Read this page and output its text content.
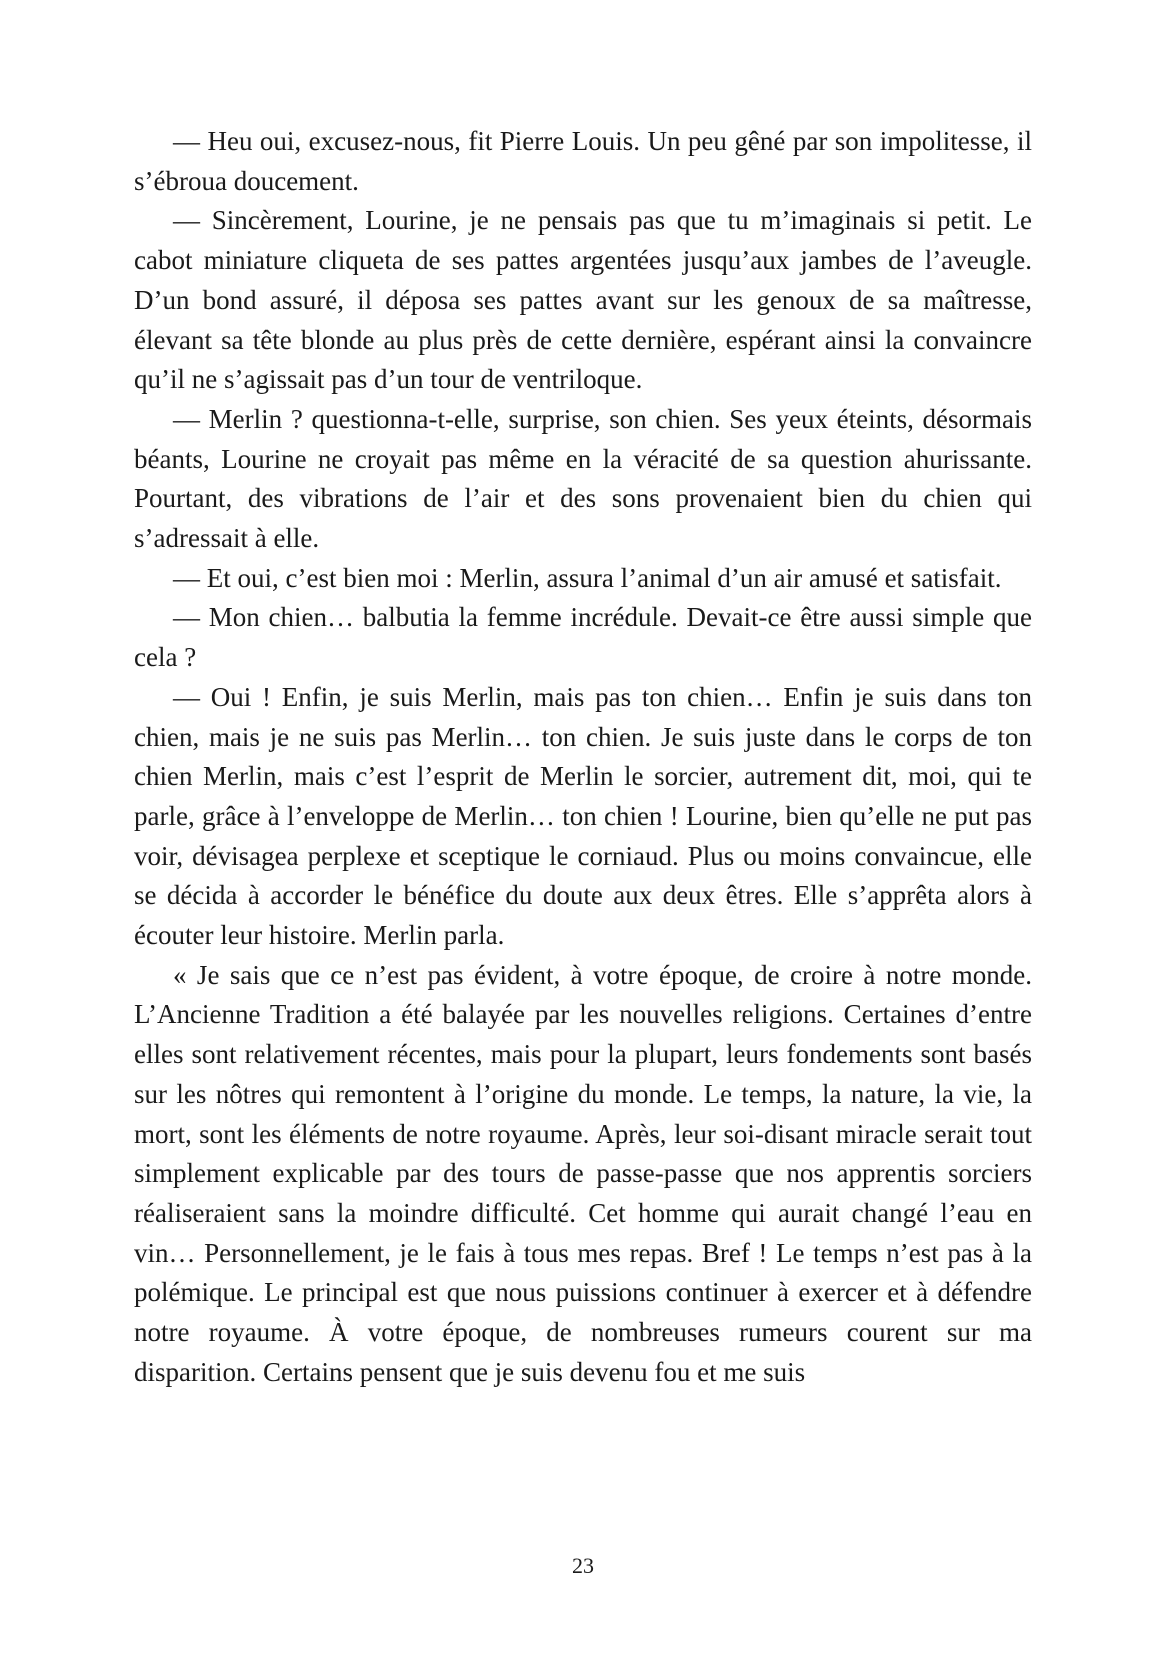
— Heu oui, excusez-nous, fit Pierre Louis. Un peu gêné par son impolitesse, il s’ébroua doucement.

— Sincèrement, Lourine, je ne pensais pas que tu m’imaginais si petit. Le cabot miniature cliqueta de ses pattes argentées jusqu’aux jambes de l’aveugle. D’un bond assuré, il déposa ses pattes avant sur les genoux de sa maîtresse, élevant sa tête blonde au plus près de cette dernière, espérant ainsi la convaincre qu’il ne s’agissait pas d’un tour de ventriloque.

— Merlin ? questionna-t-elle, surprise, son chien. Ses yeux éteints, désormais béants, Lourine ne croyait pas même en la véracité de sa question ahurissante. Pourtant, des vibrations de l’air et des sons provenaient bien du chien qui s’adressait à elle.

— Et oui, c’est bien moi : Merlin, assura l’animal d’un air amusé et satisfait.

— Mon chien… balbutia la femme incrédule. Devait-ce être aussi simple que cela ?

— Oui ! Enfin, je suis Merlin, mais pas ton chien… Enfin je suis dans ton chien, mais je ne suis pas Merlin… ton chien. Je suis juste dans le corps de ton chien Merlin, mais c’est l’esprit de Merlin le sorcier, autrement dit, moi, qui te parle, grâce à l’enveloppe de Merlin… ton chien ! Lourine, bien qu’elle ne put pas voir, dévisagea perplexe et sceptique le corniaud. Plus ou moins convaincue, elle se décida à accorder le bénéfice du doute aux deux êtres. Elle s’apprêta alors à écouter leur histoire. Merlin parla.

« Je sais que ce n’est pas évident, à votre époque, de croire à notre monde. L’Ancienne Tradition a été balayée par les nouvelles religions. Certaines d’entre elles sont relativement récentes, mais pour la plupart, leurs fondements sont basés sur les nôtres qui remontent à l’origine du monde. Le temps, la nature, la vie, la mort, sont les éléments de notre royaume. Après, leur soi-disant miracle serait tout simplement explicable par des tours de passe-passe que nos apprentis sorciers réaliseraient sans la moindre difficulté. Cet homme qui aurait changé l’eau en vin… Personnellement, je le fais à tous mes repas. Bref ! Le temps n’est pas à la polémique. Le principal est que nous puissions continuer à exercer et à défendre notre royaume. À votre époque, de nombreuses rumeurs courent sur ma disparition. Certains pensent que je suis devenu fou et me suis

23
